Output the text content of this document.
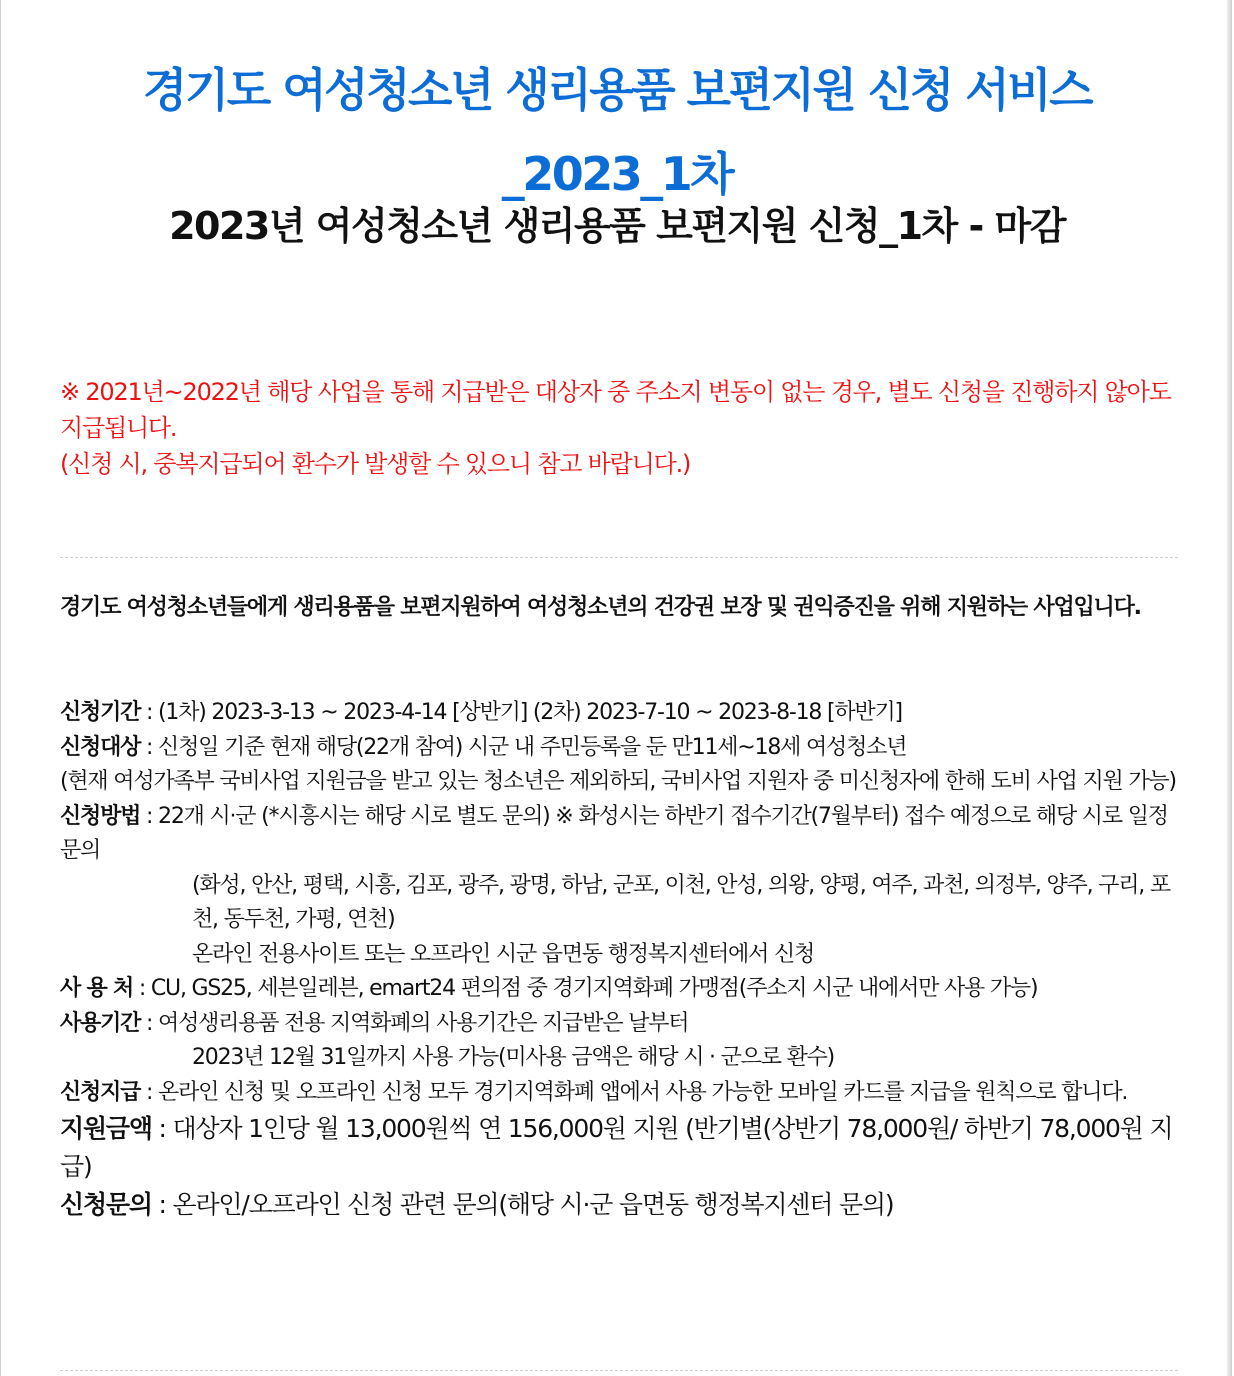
경기도 여성청소년 생리용품 보편지원 신청 서비스
_2023_1차
2023년 여성청소년 생리용품 보편지원 신청_1차 - 마감

※ 2021년~2022년 해당 사업을 통해 지급받은 대상자 중 주소지 변동이 없는 경우, 별도 신청을 진행하지 않아도 지급됩니다.

(신청 시, 중복지급되어 환수가 발생할 수 있으니 참고 바랍니다.)

경기도 여성청소년들에게 생리용품을 보편지원하여 여성청소년의 건강권 보장 및 권익증진을 위해 지원하는 사업입니다.

신청기간 : (1차) 2023-3-13 ~ 2023-4-14 [상반기] (2차) 2023-7-10 ~ 2023-8-18 [하반기]

신청대상 : 신청일 기준 현재 해당(22개 참여) 시군 내 주민등록을 둔 만11세~18세 여성청소년

(현재 여성가족부 국비사업 지원금을 받고 있는 청소년은 제외하되, 국비사업 지원자 중 미신청자에 한해 도비 사업 지원 가능)

신청방법 : 22개 시·군 (*시흥시는 해당 시로 별도 문의) ※ 화성시는 하반기 접수기간(7월부터) 접수 예정으로 해당 시로 일정 문의

(화성, 안산, 평택, 시흥, 김포, 광주, 광명, 하남, 군포, 이천, 안성, 의왕, 양평, 여주, 과천, 의정부, 양주, 구리, 포천, 동두천, 가평, 연천)

온라인 전용사이트 또는 오프라인 시군 읍면동 행정복지센터에서 신청

사 용 처 : CU, GS25, 세븐일레븐, emart24 편의점 중 경기지역화폐 가맹점(주소지 시군 내에서만 사용 가능)

사용기간 : 여성생리용품 전용 지역화폐의 사용기간은 지급받은 날부터

2023년 12월 31일까지 사용 가능(미사용 금액은 해당 시 · 군으로 환수)

신청지급 : 온라인 신청 및 오프라인 신청 모두 경기지역화폐 앱에서 사용 가능한 모바일 카드를 지급을 원칙으로 합니다.

지원금액 : 대상자 1인당 월 13,000원씩 연 156,000원 지원 (반기별(상반기 78,000원/ 하반기 78,000원 지급)

신청문의 : 온라인/오프라인 신청 관련 문의(해당 시·군 읍면동 행정복지센터 문의)
